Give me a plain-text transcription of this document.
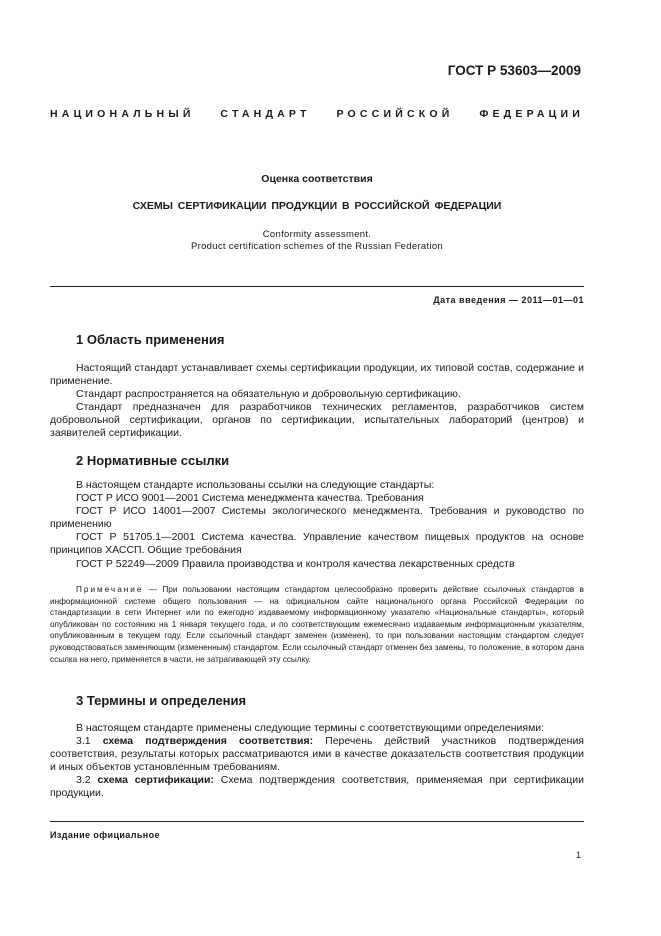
ГОСТ Р 53603—2009
НАЦИОНАЛЬНЫЙ СТАНДАРТ РОССИЙСКОЙ ФЕДЕРАЦИИ
Оценка соответствия
СХЕМЫ СЕРТИФИКАЦИИ ПРОДУКЦИИ В РОССИЙСКОЙ ФЕДЕРАЦИИ
Conformity assessment.
Product certification schemes of the Russian Federation
Дата введения — 2011—01—01
1 Область применения

Настоящий стандарт устанавливает схемы сертификации продукции, их типовой состав, содержание и применение.

Стандарт распространяется на обязательную и добровольную сертификацию.

Стандарт предназначен для разработчиков технических регламентов, разработчиков систем добровольной сертификации, органов по сертификации, испытательных лабораторий (центров) и заявителей сертификации.

2 Нормативные ссылки

В настоящем стандарте использованы ссылки на следующие стандарты:

ГОСТ Р ИСО 9001—2001 Система менеджмента качества. Требования

ГОСТ Р ИСО 14001—2007 Системы экологического менеджмента. Требования и руководство по применению

ГОСТ Р 51705.1—2001 Система качества. Управление качеством пищевых продуктов на основе принципов ХАССП. Общие требования

ГОСТ Р 52249—2009 Правила производства и контроля качества лекарственных средств

Примечание — При пользовании настоящим стандартом целесообразно проверить действие ссылочных стандартов в информационной системе общего пользования — на официальном сайте национального органа Российской Федерации по стандартизации в сети Интернет или по ежегодно издаваемому информационному указателю «Национальные стандарты», который опубликован по состоянию на 1 января текущего года, и по соответствующим ежемесячно издаваемым информационным указателям, опубликованным в текущем году. Если ссылочный стандарт заменен (изменен), то при пользовании настоящим стандартом следует руководствоваться заменяющим (измененным) стандартом. Если ссылочный стандарт отменен без замены, то положение, в котором дана ссылка на него, применяется в части, не затрагивающей эту ссылку.

3 Термины и определения

В настоящем стандарте применены следующие термины с соответствующими определениями:

3.1 схема подтверждения соответствия: Перечень действий участников подтверждения соответствия, результаты которых рассматриваются ими в качестве доказательств соответствия продукции и иных объектов установленным требованиям.

3.2 схема сертификации: Схема подтверждения соответствия, применяемая при сертификации продукции.

Издание официальное
1
